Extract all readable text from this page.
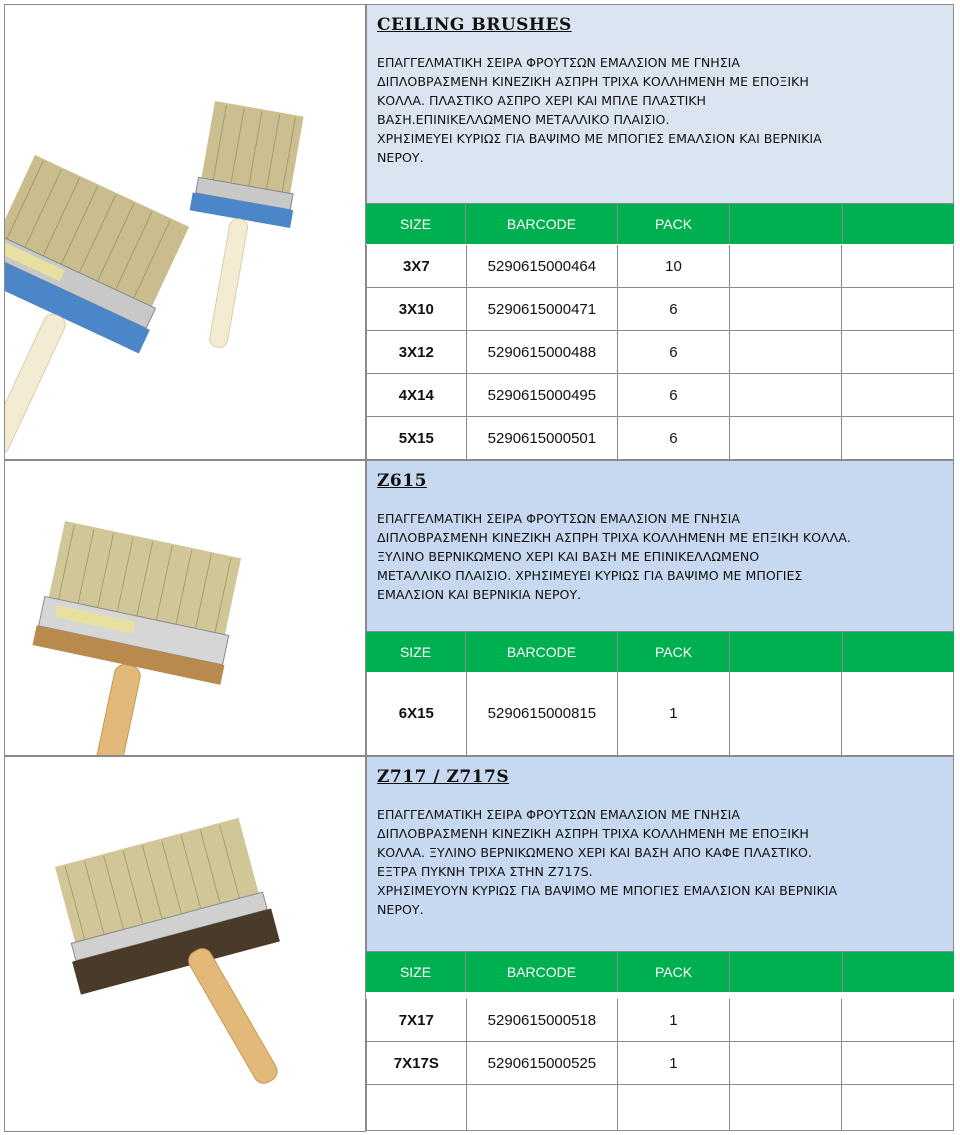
CEILING BRUSHES
ΕΠΑΓΓΕΛΜΑΤΙΚΗ ΣΕΙΡΑ ΦΡΟΥΤΣΩΝ ΕΜΑΛΣΙΟΝ ΜΕ ΓΝΗΣΙΑ
ΔΙΠΛΟΒΡΑΣΜΕΝΗ ΚΙΝΕΖΙΚΗ ΑΣΠΡΗ ΤΡΙΧΑ ΚΟΛΛΗΜΕΝΗ ΜΕ ΕΠΟΞΙΚΗ
ΚΟΛΛΑ. ΠΛΑΣΤΙΚΟ ΑΣΠΡΟ ΧΕΡΙ ΚΑΙ ΜΠΛΕ ΠΛΑΣΤΙΚΗ
ΒΑΣΗ.ΕΠΙΝΙΚΕΛΛΩΜΕΝΟ ΜΕΤΑΛΛΙΚΟ ΠΛΑΙΣΙΟ.
ΧΡΗΣΙΜΕΥΕΙ ΚΥΡΙΩΣ ΓΙΑ ΒΑΨΙΜΟ ΜΕ ΜΠΟΓΙΕΣ ΕΜΑΛΣΙΟΝ ΚΑΙ ΒΕΡΝΙΚΙΑ
ΝΕΡΟΥ.
SIZE	BARCODE	PACK
3X7	5290615000464	10
3X10	5290615000471	6
3X12	5290615000488	6
4X14	5290615000495	6
5X15	5290615000501	6
Z615
ΕΠΑΓΓΕΛΜΑΤΙΚΗ ΣΕΙΡΑ ΦΡΟΥΤΣΩΝ ΕΜΑΛΣΙΟΝ ΜΕ ΓΝΗΣΙΑ
ΔΙΠΛΟΒΡΑΣΜΕΝΗ ΚΙΝΕΖΙΚΗ ΑΣΠΡΗ ΤΡΙΧΑ ΚΟΛΛΗΜΕΝΗ ΜΕ ΕΠΞΙΚΗ ΚΟΛΛΑ.
ΞΥΛΙΝΟ ΒΕΡΝΙΚΩΜΕΝΟ ΧΕΡΙ ΚΑΙ ΒΑΣΗ ΜΕ ΕΠΙΝΙΚΕΛΛΩΜΕΝΟ
ΜΕΤΑΛΛΙΚΟ ΠΛΑΙΣΙΟ. ΧΡΗΣΙΜΕΥΕΙ ΚΥΡΙΩΣ ΓΙΑ ΒΑΨΙΜΟ ΜΕ ΜΠΟΓΙΕΣ
ΕΜΑΛΣΙΟΝ ΚΑΙ ΒΕΡΝΙΚΙΑ ΝΕΡΟΥ.
SIZE	BARCODE	PACK
6X15	5290615000815	1
Z717 / Z717S
ΕΠΑΓΓΕΛΜΑΤΙΚΗ ΣΕΙΡΑ ΦΡΟΥΤΣΩΝ ΕΜΑΛΣΙΟΝ ΜΕ ΓΝΗΣΙΑ
ΔΙΠΛΟΒΡΑΣΜΕΝΗ ΚΙΝΕΖΙΚΗ ΑΣΠΡΗ ΤΡΙΧΑ ΚΟΛΛΗΜΕΝΗ ΜΕ ΕΠΟΞΙΚΗ
ΚΟΛΛΑ. ΞΥΛΙΝΟ ΒΕΡΝΙΚΩΜΕΝΟ ΧΕΡΙ ΚΑΙ ΒΑΣΗ ΑΠΟ ΚΑΦΕ ΠΛΑΣΤΙΚΟ.
ΕΞΤΡΑ ΠΥΚΝΗ ΤΡΙΧΑ ΣΤΗΝ Z717S.
ΧΡΗΣΙΜΕΥΟΥΝ ΚΥΡΙΩΣ ΓΙΑ ΒΑΨΙΜΟ ΜΕ ΜΠΟΓΙΕΣ ΕΜΑΛΣΙΟΝ ΚΑΙ ΒΕΡΝΙΚΙΑ
ΝΕΡΟΥ.
SIZE	BARCODE	PACK
7X17	5290615000518	1
7X17S	5290615000525	1
